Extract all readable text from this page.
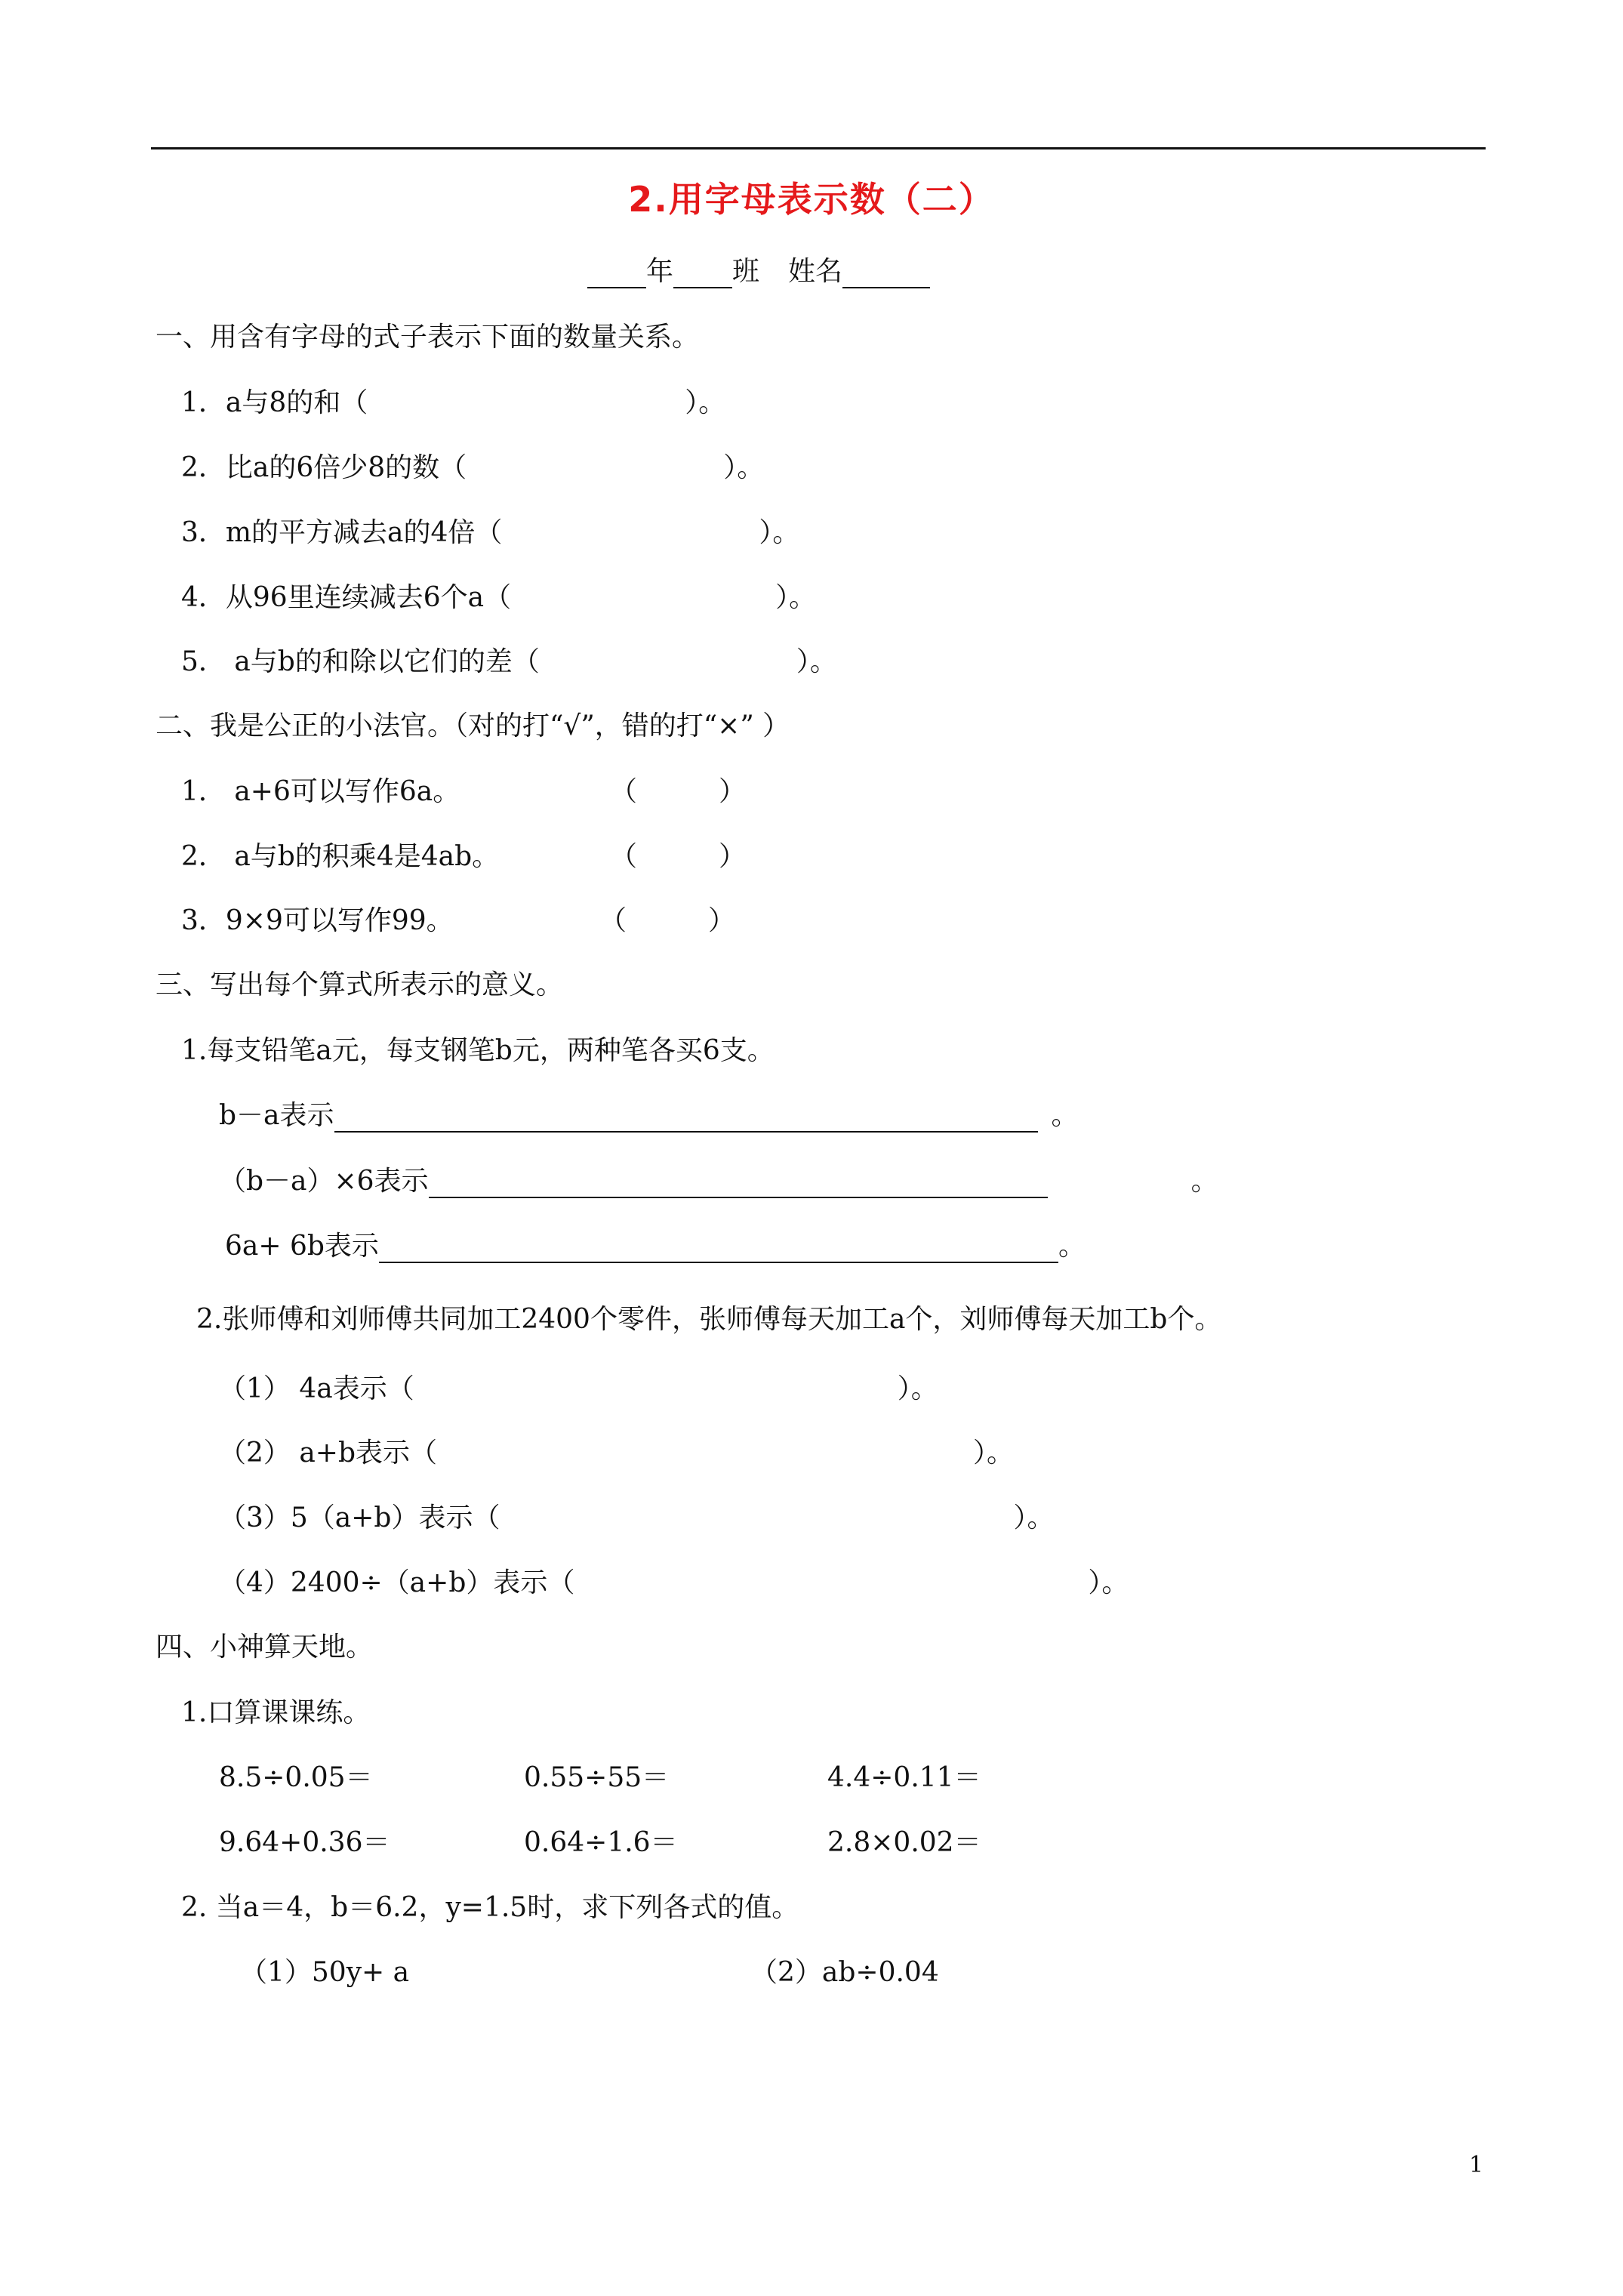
2.用字母表示数（二）
年 班 姓名
一、用含有字母的式子表示下面的数量关系。
1．a与8的和（	）。
2．比a的6倍少8的数（	）。
3．m的平方减去a的4倍（	）。
4．从96里连续减去6个a（	）。
5． a与b的和除以它们的差（	）。
二、我是公正的小法官。（对的打“√”，错的打“×” ）
1． a+6可以写作6a。	（　　　）
2． a与b的积乘4是4ab。	（　　　）
3．9×9可以写作99。	（　　　）
三、写出每个算式所表示的意义。
1.每支铅笔a元，每支钢笔b元，两种笔各买6支。
b－a表示	。
（b－a）×6表示	。
6a+ 6b表示	。
2.张师傅和刘师傅共同加工2400个零件，张师傅每天加工a个，刘师傅每天加工b个。
（1） 4a表示（	）。
（2） a+b表示（	）。
（3）5（a+b）表示（	）。
（4）2400÷（a+b）表示（	）。
四、小神算天地。
1.口算课课练。
8.5÷0.05＝	0.55÷55＝	4.4÷0.11＝
9.64+0.36＝	0.64÷1.6＝	2.8×0.02＝
2. 当a＝4，b＝6.2，y=1.5时，求下列各式的值。
（1）50y+ a	（2）ab÷0.04
1
